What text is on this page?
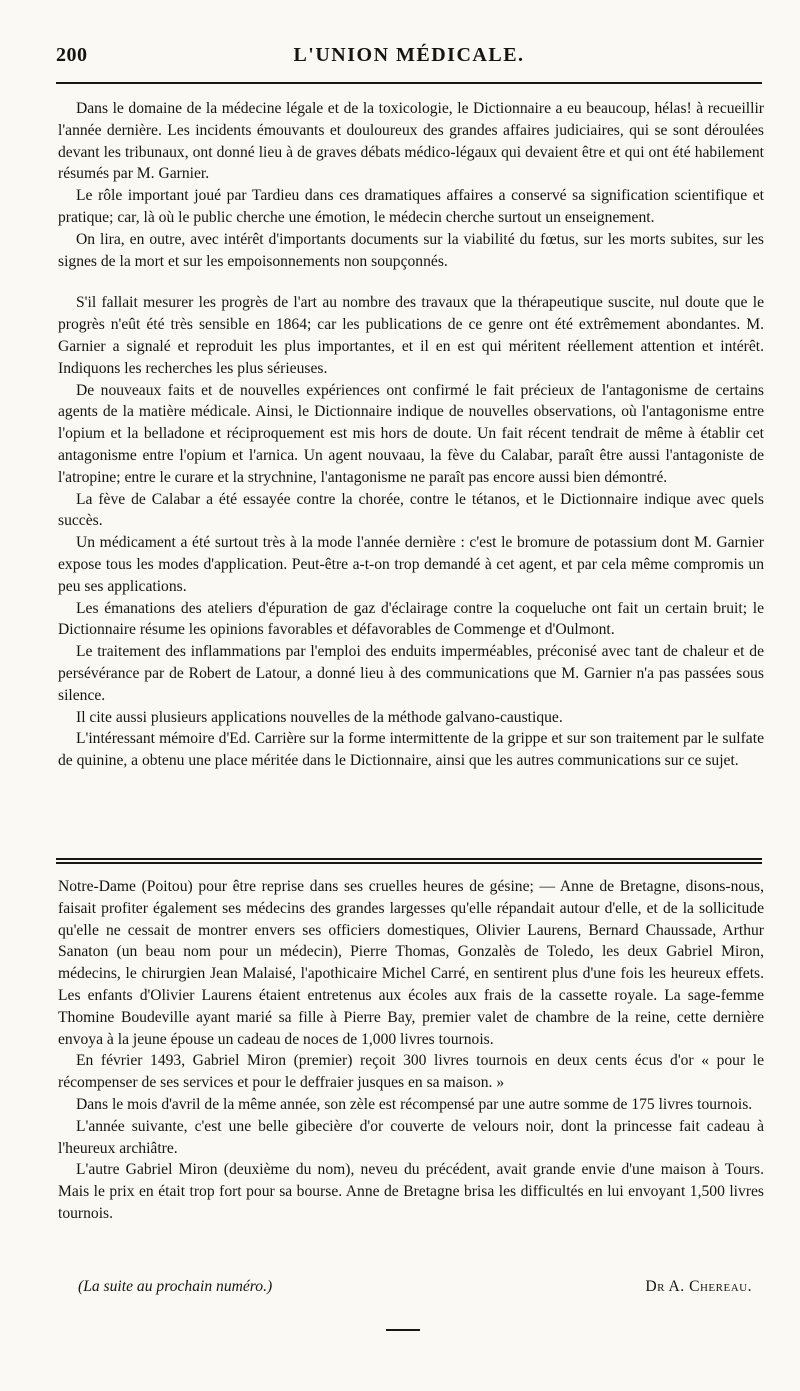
200	L'UNION MÉDICALE.

Dans le domaine de la médecine légale et de la toxicologie, le Dictionnaire a eu beaucoup, hélas! à recueillir l'année dernière. Les incidents émouvants et douloureux des grandes affaires judiciaires, qui se sont déroulées devant les tribunaux, ont donné lieu à de graves débats médico-légaux qui devaient être et qui ont été habilement résumés par M. Garnier.

Le rôle important joué par Tardieu dans ces dramatiques affaires a conservé sa signification scientifique et pratique; car, là où le public cherche une émotion, le médecin cherche surtout un enseignement.

On lira, en outre, avec intérêt d'importants documents sur la viabilité du fœtus, sur les morts subites, sur les signes de la mort et sur les empoisonnements non soupçonnés.

S'il fallait mesurer les progrès de l'art au nombre des travaux que la thérapeutique suscite, nul doute que le progrès n'eût été très sensible en 1864; car les publications de ce genre ont été extrêmement abondantes. M. Garnier a signalé et reproduit les plus importantes, et il en est qui méritent réellement attention et intérêt. Indiquons les recherches les plus sérieuses.

De nouveaux faits et de nouvelles expériences ont confirmé le fait précieux de l'antagonisme de certains agents de la matière médicale. Ainsi, le Dictionnaire indique de nouvelles observations, où l'antagonisme entre l'opium et la belladone et réciproquement est mis hors de doute. Un fait récent tendrait de même à établir cet antagonisme entre l'opium et l'arnica. Un agent nouvaau, la fève du Calabar, paraît être aussi l'antagoniste de l'atropine; entre le curare et la strychnine, l'antagonisme ne paraît pas encore aussi bien démontré.

La fève de Calabar a été essayée contre la chorée, contre le tétanos, et le Dictionnaire indique avec quels succès.

Un médicament a été surtout très à la mode l'année dernière : c'est le bromure de potassium dont M. Garnier expose tous les modes d'application. Peut-être a-t-on trop demandé à cet agent, et par cela même compromis un peu ses applications.

Les émanations des ateliers d'épuration de gaz d'éclairage contre la coqueluche ont fait un certain bruit; le Dictionnaire résume les opinions favorables et défavorables de Commenge et d'Oulmont.

Le traitement des inflammations par l'emploi des enduits imperméables, préconisé avec tant de chaleur et de persévérance par de Robert de Latour, a donné lieu à des communications que M. Garnier n'a pas passées sous silence.

Il cite aussi plusieurs applications nouvelles de la méthode galvano-caustique.

L'intéressant mémoire d'Ed. Carrière sur la forme intermittente de la grippe et sur son traitement par le sulfate de quinine, a obtenu une place méritée dans le Dictionnaire, ainsi que les autres communications sur ce sujet.

Notre-Dame (Poitou) pour être reprise dans ses cruelles heures de gésine; — Anne de Bretagne, disons-nous, faisait profiter également ses médecins des grandes largesses qu'elle répandait autour d'elle, et de la sollicitude qu'elle ne cessait de montrer envers ses officiers domestiques, Olivier Laurens, Bernard Chaussade, Arthur Sanaton (un beau nom pour un médecin), Pierre Thomas, Gonzalès de Toledo, les deux Gabriel Miron, médecins, le chirurgien Jean Malaisé, l'apothicaire Michel Carré, en sentirent plus d'une fois les heureux effets. Les enfants d'Olivier Laurens étaient entretenus aux écoles aux frais de la cassette royale. La sage-femme Thomine Boudeville ayant marié sa fille à Pierre Bay, premier valet de chambre de la reine, cette dernière envoya à la jeune épouse un cadeau de noces de 1,000 livres tournois.

En février 1493, Gabriel Miron (premier) reçoit 300 livres tournois en deux cents écus d'or « pour le récompenser de ses services et pour le deffraier jusques en sa maison. »

Dans le mois d'avril de la même année, son zèle est récompensé par une autre somme de 175 livres tournois.

L'année suivante, c'est une belle gibecière d'or couverte de velours noir, dont la princesse fait cadeau à l'heureux archiâtre.

L'autre Gabriel Miron (deuxième du nom), neveu du précédent, avait grande envie d'une maison à Tours. Mais le prix en était trop fort pour sa bourse. Anne de Bretagne brisa les difficultés en lui envoyant 1,500 livres tournois.

(La suite au prochain numéro.)	Dr A. Chereau.
